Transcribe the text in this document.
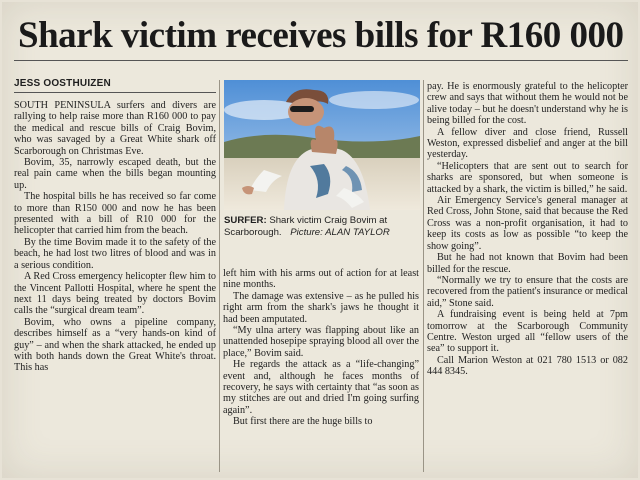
Shark victim receives bills for R160 000
JESS OOSTHUIZEN

SOUTH PENINSULA surfers and divers are rallying to help raise more than R160 000 to pay the medical and rescue bills of Craig Bovim, who was savaged by a Great White shark off Scarborough on Christmas Eve.

Bovim, 35, narrowly escaped death, but the real pain came when the bills began mounting up.

The hospital bills he has received so far come to more than R150 000 and now he has been presented with a bill of R10 000 for the helicopter that carried him from the beach.

By the time Bovim made it to the safety of the beach, he had lost two litres of blood and was in a serious condition.

A Red Cross emergency helicopter flew him to the Vincent Pallotti Hospital, where he spent the next 11 days being treated by doctors Bovim calls the “surgical dream team”.

Bovim, who owns a pipeline company, describes himself as a “very hands-on kind of guy” – and when the shark attacked, he ended up with both hands down the Great White's throat. This has

SURFER: Shark victim Craig Bovim at Scarborough. Picture: ALAN TAYLOR

left him with his arms out of action for at least nine months.

The damage was extensive – as he pulled his right arm from the shark's jaws he thought it had been amputated.

“My ulna artery was flapping about like an unattended hosepipe spraying blood all over the place,” Bovim said.

He regards the attack as a “life-changing” event and, although he faces months of recovery, he says with certainty that “as soon as my stitches are out and dried I'm going surfing again”.

But first there are the huge bills to

pay. He is enormously grateful to the helicopter crew and says that without them he would not be alive today – but he doesn't understand why he is being billed for the cost.

A fellow diver and close friend, Russell Weston, expressed disbelief and anger at the bill yesterday.

“Helicopters that are sent out to search for sharks are sponsored, but when someone is attacked by a shark, the victim is billed,” he said.

Air Emergency Service's general manager at Red Cross, John Stone, said that because the Red Cross was a non-profit organisation, it had to keep its costs as low as possible “to keep the show going”.

But he had not known that Bovim had been billed for the rescue.

“Normally we try to ensure that the costs are recovered from the patient's insurance or medical aid,” Stone said.

A fundraising event is being held at 7pm tomorrow at the Scarborough Community Centre. Weston urged all “fellow users of the sea” to support it.

Call Marion Weston at 021 780 1513 or 082 444 8345.
